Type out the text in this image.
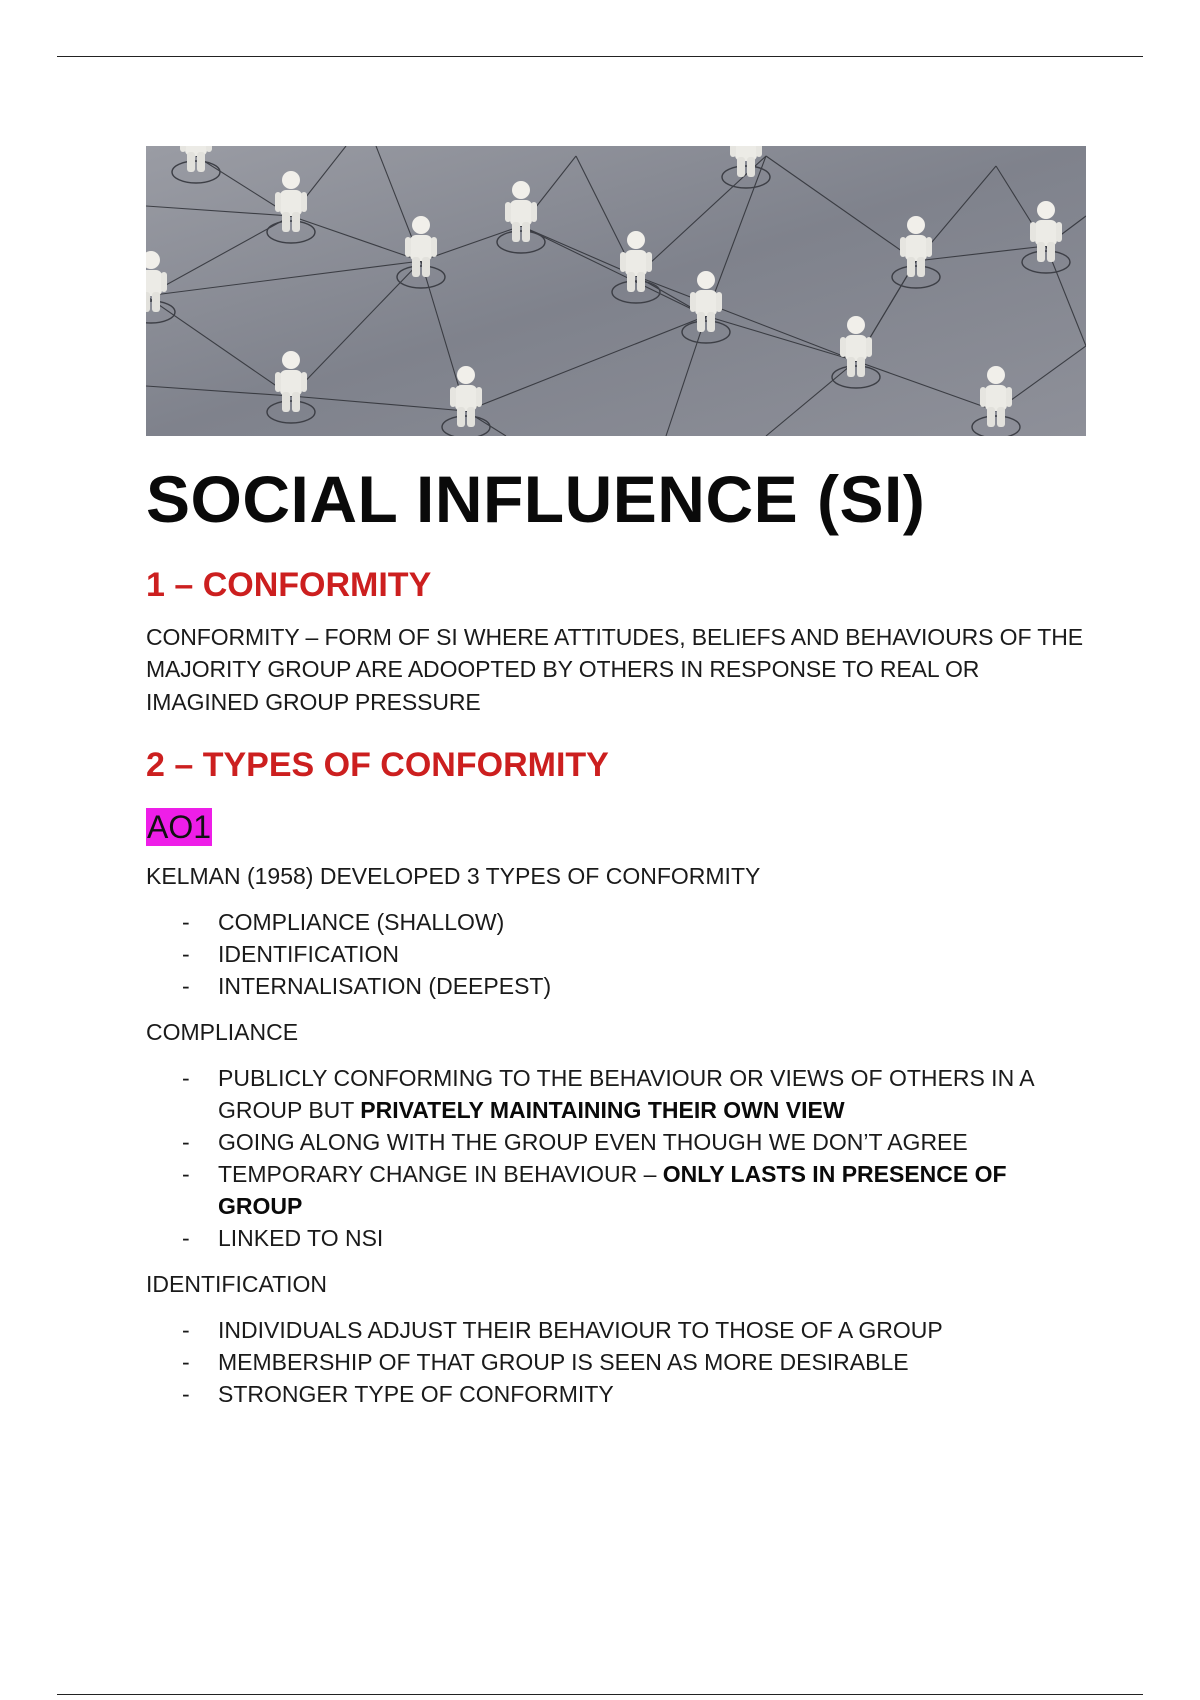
SOCIAL INFLUENCE (SI)
1 – CONFORMITY

CONFORMITY – FORM OF SI WHERE ATTITUDES, BELIEFS AND BEHAVIOURS OF THE MAJORITY GROUP ARE ADOOPTED BY OTHERS IN RESPONSE TO REAL OR IMAGINED GROUP PRESSURE

2 – TYPES OF CONFORMITY
AO1

KELMAN (1958) DEVELOPED 3 TYPES OF CONFORMITY

- COMPLIANCE (SHALLOW)
- IDENTIFICATION
- INTERNALISATION (DEEPEST)

COMPLIANCE

- PUBLICLY CONFORMING TO THE BEHAVIOUR OR VIEWS OF OTHERS IN A GROUP BUT PRIVATELY MAINTAINING THEIR OWN VIEW
- GOING ALONG WITH THE GROUP EVEN THOUGH WE DON’T AGREE
- TEMPORARY CHANGE IN BEHAVIOUR – ONLY LASTS IN PRESENCE OF GROUP
- LINKED TO NSI

IDENTIFICATION

- INDIVIDUALS ADJUST THEIR BEHAVIOUR TO THOSE OF A GROUP
- MEMBERSHIP OF THAT GROUP IS SEEN AS MORE DESIRABLE
- STRONGER TYPE OF CONFORMITY
